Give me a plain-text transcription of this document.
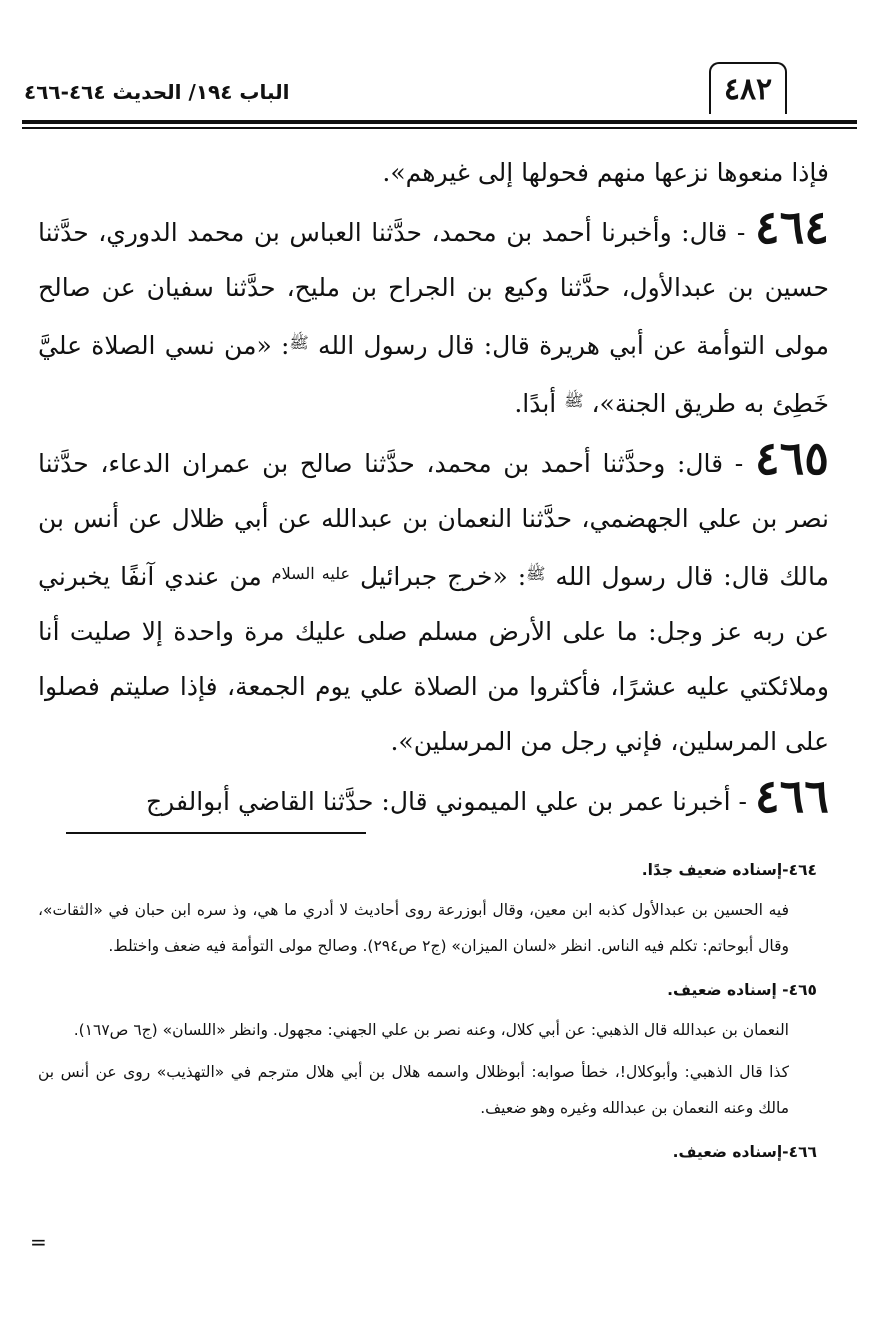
٤٨٢
الباب ١٩٤/ الحديث ٤٦٤-٤٦٦

فإذا منعوها نزعها منهم فحولها إلى غيرهم».

٤٦٤ - قال: وأخبرنا أحمد بن محمد، حدَّثنا العباس بن محمد الدوري، حدَّثنا حسين بن عبدالأول، حدَّثنا وكيع بن الجراح بن مليح، حدَّثنا سفيان عن صالح مولى التوأمة عن أبي هريرة قال: قال رسول الله $^ﷺ$: «من نسي الصلاة عليَّ خَطِئ به طريق الجنة»، $^ﷺ$ أبدًا.

٤٦٥ - قال: وحدَّثنا أحمد بن محمد، حدَّثنا صالح بن عمران الدعاء، حدَّثنا نصر بن علي الجهضمي، حدَّثنا النعمان بن عبدالله عن أبي ظلال عن أنس بن مالك قال: قال رسول الله $^ﷺ$: «خرج جبرائيل $^{عليه السلام}$ من عندي آنفًا يخبرني عن ربه عز وجل: ما على الأرض مسلم صلى عليك مرة واحدة إلا صليت أنا وملائكتي عليه عشرًا، فأكثروا من الصلاة علي يوم الجمعة، فإذا صليتم فصلوا على المرسلين، فإني رجل من المرسلين».

٤٦٦ - أخبرنا عمر بن علي الميموني قال: حدَّثنا القاضي أبوالفرج

٤٦٤-إسناده ضعيف جدًا.

فيه الحسين بن عبدالأول كذبه ابن معين، وقال أبوزرعة روى أحاديث لا أدري ما هي، وذ سره ابن حبان في «الثقات»، وقال أبوحاتم: تكلم فيه الناس. انظر «لسان الميزان» (ج٢ ص٢٩٤). وصالح مولى التوأمة فيه ضعف واختلط.

٤٦٥- إسناده ضعيف.

النعمان بن عبدالله قال الذهبي: عن أبي كلال، وعنه نصر بن علي الجهني: مجهول. وانظر «اللسان» (ج٦ ص١٦٧).

كذا قال الذهبي: وأبوكلال!، خطأ صوابه: أبوظلال واسمه هلال بن أبي هلال مترجم في «التهذيب» روى عن أنس بن مالك وعنه النعمان بن عبدالله وغيره وهو ضعيف.

٤٦٦-إسناده ضعيف.

=
